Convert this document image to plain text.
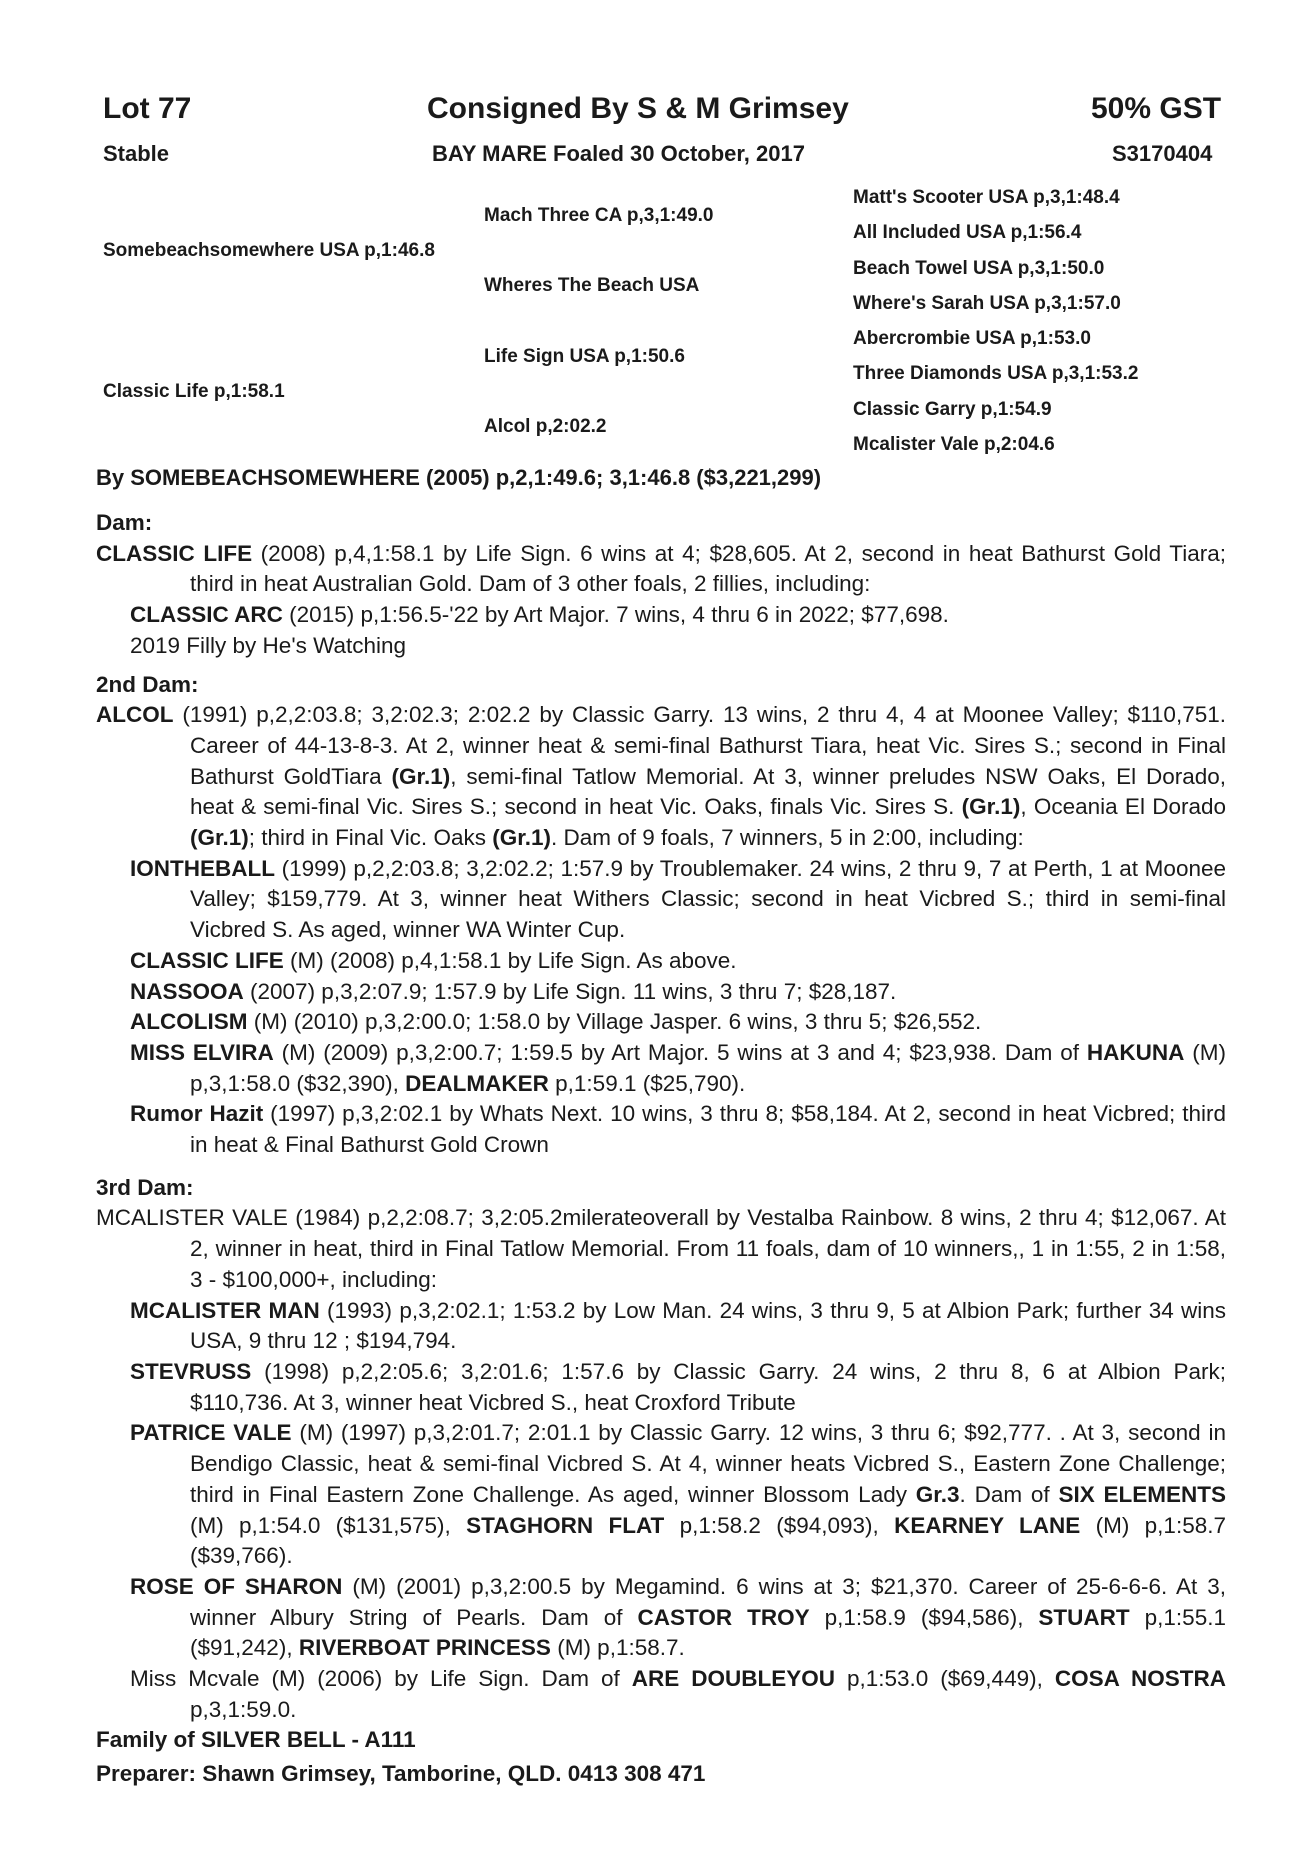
Lot 77	Consigned By S & M Grimsey	50% GST
Stable	BAY MARE Foaled 30 October, 2017	S3170404
Somebeachsomewhere USA p,1:46.8
Classic Life p,1:58.1
Mach Three CA p,3,1:49.0
Wheres The Beach USA
Life Sign USA p,1:50.6
Alcol p,2:02.2
Matt's Scooter USA p,3,1:48.4
All Included USA p,1:56.4
Beach Towel USA p,3,1:50.0
Where's Sarah USA p,3,1:57.0
Abercrombie USA p,1:53.0
Three Diamonds USA p,3,1:53.2
Classic Garry p,1:54.9
Mcalister Vale p,2:04.6
By SOMEBEACHSOMEWHERE (2005) p,2,1:49.6; 3,1:46.8 ($3,221,299)
Dam:
CLASSIC LIFE (2008) p,4,1:58.1 by Life Sign. 6 wins at 4; $28,605. At 2, second in heat Bathurst Gold Tiara; third in heat Australian Gold. Dam of 3 other foals, 2 fillies, including:
CLASSIC ARC (2015) p,1:56.5-'22 by Art Major. 7 wins, 4 thru 6 in 2022; $77,698.
2019 Filly by He's Watching
2nd Dam:
ALCOL (1991) p,2,2:03.8; 3,2:02.3; 2:02.2 by Classic Garry. 13 wins, 2 thru 4, 4 at Moonee Valley; $110,751. Career of 44-13-8-3. At 2, winner heat & semi-final Bathurst Tiara, heat Vic. Sires S.; second in Final Bathurst GoldTiara (Gr.1), semi-final Tatlow Memorial. At 3, winner preludes NSW Oaks, El Dorado, heat & semi-final Vic. Sires S.; second in heat Vic. Oaks, finals Vic. Sires S. (Gr.1), Oceania El Dorado (Gr.1); third in Final Vic. Oaks (Gr.1). Dam of 9 foals, 7 winners, 5 in 2:00, including:
IONTHEBALL (1999) p,2,2:03.8; 3,2:02.2; 1:57.9 by Troublemaker. 24 wins, 2 thru 9, 7 at Perth, 1 at Moonee Valley; $159,779. At 3, winner heat Withers Classic; second in heat Vicbred S.; third in semi-final Vicbred S. As aged, winner WA Winter Cup.
CLASSIC LIFE (M) (2008) p,4,1:58.1 by Life Sign. As above.
NASSOOA (2007) p,3,2:07.9; 1:57.9 by Life Sign. 11 wins, 3 thru 7; $28,187.
ALCOLISM (M) (2010) p,3,2:00.0; 1:58.0 by Village Jasper. 6 wins, 3 thru 5; $26,552.
MISS ELVIRA (M) (2009) p,3,2:00.7; 1:59.5 by Art Major. 5 wins at 3 and 4; $23,938. Dam of HAKUNA (M) p,3,1:58.0 ($32,390), DEALMAKER p,1:59.1 ($25,790).
Rumor Hazit (1997) p,3,2:02.1 by Whats Next. 10 wins, 3 thru 8; $58,184. At 2, second in heat Vicbred; third in heat & Final Bathurst Gold Crown
3rd Dam:
MCALISTER VALE (1984) p,2,2:08.7; 3,2:05.2milerateoverall by Vestalba Rainbow. 8 wins, 2 thru 4; $12,067. At 2, winner in heat, third in Final Tatlow Memorial. From 11 foals, dam of 10 winners,, 1 in 1:55, 2 in 1:58, 3 - $100,000+, including:
MCALISTER MAN (1993) p,3,2:02.1; 1:53.2 by Low Man. 24 wins, 3 thru 9, 5 at Albion Park; further 34 wins USA, 9 thru 12 ; $194,794.
STEVRUSS (1998) p,2,2:05.6; 3,2:01.6; 1:57.6 by Classic Garry. 24 wins, 2 thru 8, 6 at Albion Park; $110,736. At 3, winner heat Vicbred S., heat Croxford Tribute
PATRICE VALE (M) (1997) p,3,2:01.7; 2:01.1 by Classic Garry. 12 wins, 3 thru 6; $92,777. . At 3, second in Bendigo Classic, heat & semi-final Vicbred S. At 4, winner heats Vicbred S., Eastern Zone Challenge; third in Final Eastern Zone Challenge. As aged, winner Blossom Lady Gr.3. Dam of SIX ELEMENTS (M) p,1:54.0 ($131,575), STAGHORN FLAT p,1:58.2 ($94,093), KEARNEY LANE (M) p,1:58.7 ($39,766).
ROSE OF SHARON (M) (2001) p,3,2:00.5 by Megamind. 6 wins at 3; $21,370. Career of 25-6-6-6. At 3, winner Albury String of Pearls. Dam of CASTOR TROY p,1:58.9 ($94,586), STUART p,1:55.1 ($91,242), RIVERBOAT PRINCESS (M) p,1:58.7.
Miss Mcvale (M) (2006) by Life Sign. Dam of ARE DOUBLEYOU p,1:53.0 ($69,449), COSA NOSTRA p,3,1:59.0.
Family of SILVER BELL - A111
Preparer: Shawn Grimsey, Tamborine, QLD. 0413 308 471
